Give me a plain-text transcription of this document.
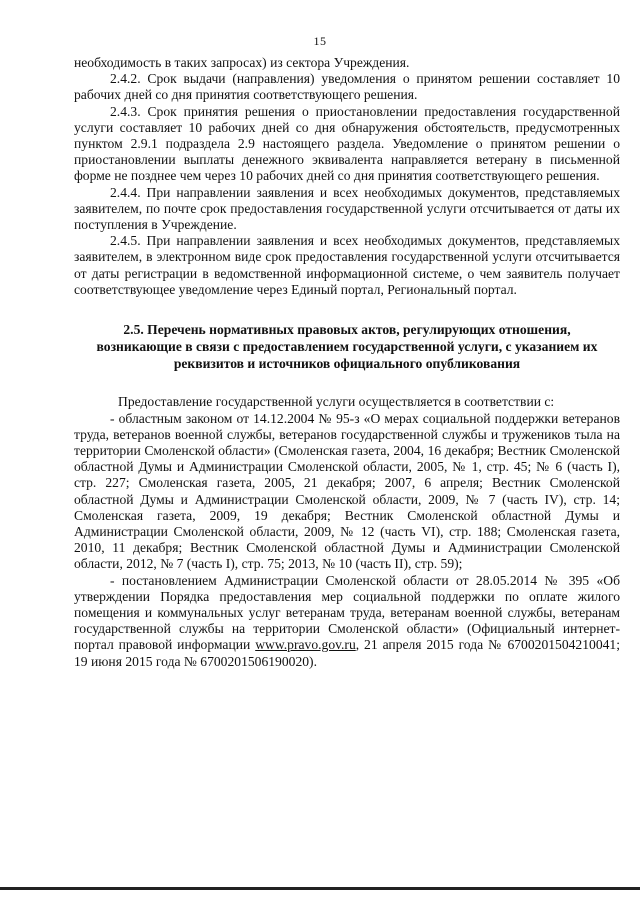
15

необходимость в таких запросах) из сектора Учреждения.

2.4.2. Срок выдачи (направления) уведомления о принятом решении составляет 10 рабочих дней со дня принятия соответствующего решения.

2.4.3. Срок принятия решения о приостановлении предоставления государственной услуги составляет 10 рабочих дней со дня обнаружения обстоятельств, предусмотренных пунктом 2.9.1 подраздела 2.9 настоящего раздела. Уведомление о принятом решении о приостановлении выплаты денежного эквивалента направляется ветерану в письменной форме не позднее чем через 10 рабочих дней со дня принятия соответствующего решения.

2.4.4. При направлении заявления и всех необходимых документов, представляемых заявителем, по почте срок предоставления государственной услуги отсчитывается от даты их поступления в Учреждение.

2.4.5. При направлении заявления и всех необходимых документов, представляемых заявителем, в электронном виде срок предоставления государственной услуги отсчитывается от даты регистрации в ведомственной информационной системе, о чем заявитель получает соответствующее уведомление через Единый портал, Региональный портал.

2.5. Перечень нормативных правовых актов, регулирующих отношения, возникающие в связи с предоставлением государственной услуги, с указанием их реквизитов и источников официального опубликования

Предоставление государственной услуги осуществляется в соответствии с:

- областным законом от 14.12.2004 № 95-з «О мерах социальной поддержки ветеранов труда, ветеранов военной службы, ветеранов государственной службы и тружеников тыла на территории Смоленской области» (Смоленская газета, 2004, 16 декабря; Вестник Смоленской областной Думы и Администрации Смоленской области, 2005, № 1, стр. 45; № 6 (часть I), стр. 227; Смоленская газета, 2005, 21 декабря; 2007, 6 апреля; Вестник Смоленской областной Думы и Администрации Смоленской области, 2009, № 7 (часть IV), стр. 14; Смоленская газета, 2009, 19 декабря; Вестник Смоленской областной Думы и Администрации Смоленской области, 2009, № 12 (часть VI), стр. 188; Смоленская газета, 2010, 11 декабря; Вестник Смоленской областной Думы и Администрации Смоленской области, 2012, № 7 (часть I), стр. 75; 2013, № 10 (часть II), стр. 59);

- постановлением Администрации Смоленской области от 28.05.2014 № 395 «Об утверждении Порядка предоставления мер социальной поддержки по оплате жилого помещения и коммунальных услуг ветеранам труда, ветеранам военной службы, ветеранам государственной службы на территории Смоленской области» (Официальный интернет-портал правовой информации www.pravo.gov.ru, 21 апреля 2015 года № 6700201504210041; 19 июня 2015 года № 6700201506190020).
